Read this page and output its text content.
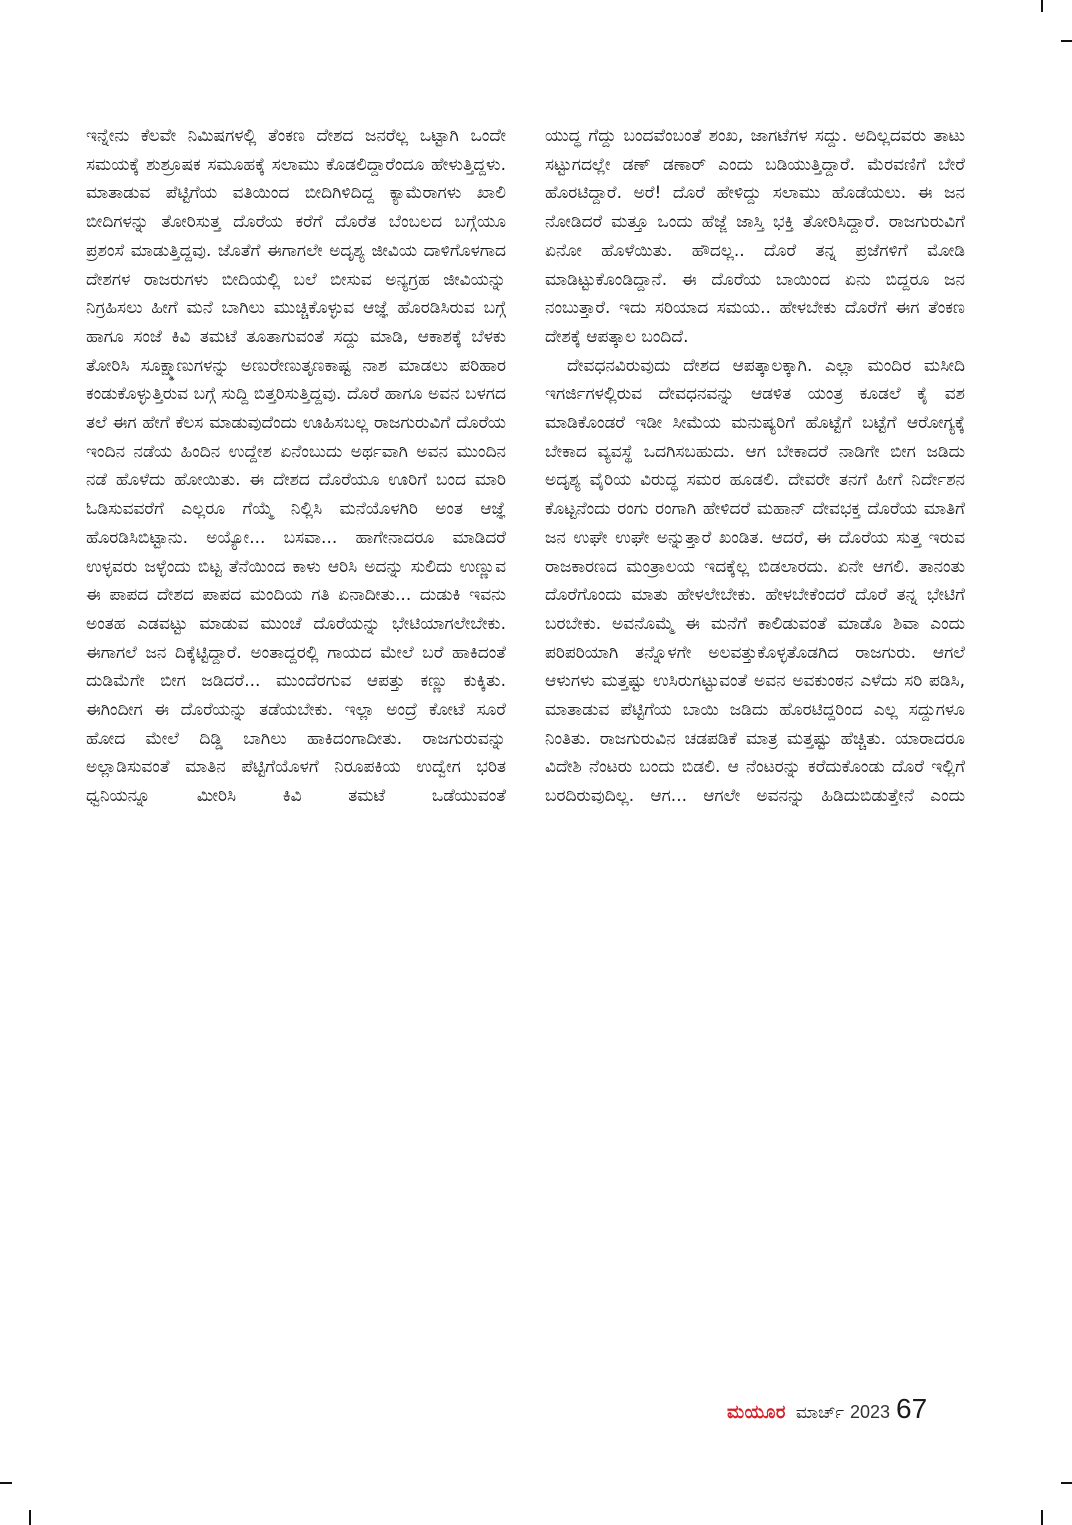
ಇನ್ನೇನು ಕೆಲವೇ ನಿಮಿಷಗಳಲ್ಲಿ ತೆಂಕಣ ದೇಶದ ಜನರೆಲ್ಲ ಒಟ್ಟಾಗಿ ಒಂದೇ ಸಮಯಕ್ಕೆ ಶುಶ್ರೂಷಕ ಸಮೂಹಕ್ಕೆ ಸಲಾಮು ಕೊಡಲಿದ್ದಾರೆಂದೂ ಹೇಳುತ್ತಿದ್ದಳು. ಮಾತಾಡುವ ಪೆಟ್ಟಿಗೆಯ ವತಿಯಿಂದ ಬೀದಿಗಿಳಿದಿದ್ದ ಕ್ಯಾಮೆರಾಗಳು ಖಾಲಿ ಬೀದಿಗಳನ್ನು ತೋರಿಸುತ್ತ ದೊರೆಯ ಕರೆಗೆ ದೊರೆತ ಬೆಂಬಲದ ಬಗ್ಗೆಯೂ ಪ್ರಶಂಸೆ ಮಾಡುತ್ತಿದ್ದವು. ಜೊತೆಗೆ ಈಗಾಗಲೇ ಅದೃಶ್ಯ ಜೀವಿಯ ದಾಳಿಗೊಳಗಾದ ದೇಶಗಳ ರಾಜರುಗಳು ಬೀದಿಯಲ್ಲಿ ಬಲೆ ಬೀಸುವ ಅನ್ಯಗ್ರಹ ಜೀವಿಯನ್ನು ನಿಗ್ರಹಿಸಲು ಹೀಗೆ ಮನೆ ಬಾಗಿಲು ಮುಚ್ಚಿಕೊಳ್ಳುವ ಆಜ್ಞೆ ಹೊರಡಿಸಿರುವ ಬಗ್ಗೆ ಹಾಗೂ ಸಂಜೆ ಕಿವಿ ತಮಟೆ ತೂತಾಗುವಂತೆ ಸದ್ದು ಮಾಡಿ, ಆಕಾಶಕ್ಕೆ ಬೆಳಕು ತೋರಿಸಿ ಸೂಕ್ಷ್ಮಾಣುಗಳನ್ನು ಅಣುರೇಣುತೃಣಕಾಷ್ಟ ನಾಶ ಮಾಡಲು ಪರಿಹಾರ ಕಂಡುಕೊಳ್ಳುತ್ತಿರುವ ಬಗ್ಗೆ ಸುದ್ದಿ ಬಿತ್ತರಿಸುತ್ತಿದ್ದವು. ದೊರೆ ಹಾಗೂ ಅವನ ಬಳಗದ ತಲೆ ಈಗ ಹೇಗೆ ಕೆಲಸ ಮಾಡುವುದೆಂದು ಊಹಿಸಬಲ್ಲ ರಾಜಗುರುವಿಗೆ ದೊರೆಯ ಇಂದಿನ ನಡೆಯ ಹಿಂದಿನ ಉದ್ದೇಶ ಏನೆಂಬುದು ಅರ್ಥವಾಗಿ ಅವನ ಮುಂದಿನ ನಡೆ ಹೊಳೆದು ಹೋಯಿತು. ಈ ದೇಶದ ದೊರೆಯೂ ಊರಿಗೆ ಬಂದ ಮಾರಿ ಓಡಿಸುವವರೆಗೆ ಎಲ್ಲರೂ ಗೆಯ್ಮೆ ನಿಲ್ಲಿಸಿ ಮನೆಯೊಳಗಿರಿ ಅಂತ ಆಜ್ಞೆ ಹೊರಡಿಸಿಬಿಟ್ಟಾನು. ಅಯ್ಯೋ... ಬಸವಾ... ಹಾಗೇನಾದರೂ ಮಾಡಿದರೆ ಉಳ್ಳವರು ಜಳ್ಳೆಂದು ಬಿಟ್ಟ ತೆನೆಯಿಂದ ಕಾಳು ಆರಿಸಿ ಅದನ್ನು ಸುಲಿದು ಉಣ್ಣುವ ಈ ಪಾಪದ ದೇಶದ ಪಾಪದ ಮಂದಿಯ ಗತಿ ಏನಾದೀತು... ದುಡುಕಿ ಇವನು ಅಂತಹ ಎಡವಟ್ಟು ಮಾಡುವ ಮುಂಚೆ ದೊರೆಯನ್ನು ಭೇಟಿಯಾಗಲೇಬೇಕು. ಈಗಾಗಲೆ ಜನ ದಿಕ್ಕೆಟ್ಟಿದ್ದಾರೆ. ಅಂತಾದ್ದರಲ್ಲಿ ಗಾಯದ ಮೇಲೆ ಬರೆ ಹಾಕಿದಂತೆ ದುಡಿಮೆಗೇ ಬೀಗ ಜಡಿದರೆ... ಮುಂದೆರಗುವ ಆಪತ್ತು ಕಣ್ಣು ಕುಕ್ಕಿತು. ಈಗಿಂದೀಗ ಈ ದೊರೆಯನ್ನು ತಡೆಯಬೇಕು. ಇಲ್ಲಾ ಅಂದ್ರೆ ಕೋಟೆ ಸೂರೆ ಹೋದ ಮೇಲೆ ದಿಡ್ಡಿ ಬಾಗಿಲು ಹಾಕಿದಂಗಾದೀತು. ರಾಜಗುರುವನ್ನು ಅಲ್ಲಾಡಿಸುವಂತೆ ಮಾತಿನ ಪೆಟ್ಟಿಗೆಯೊಳಗೆ ನಿರೂಪಕಿಯ ಉದ್ವೇಗ ಭರಿತ ಧ್ವನಿಯನ್ನೂ ಮೀರಿಸಿ ಕಿವಿ ತಮಟೆ ಒಡೆಯುವಂತೆ

ಯುದ್ಧ ಗೆದ್ದು ಬಂದವೆಂಬಂತೆ ಶಂಖ, ಜಾಗಟೆಗಳ ಸದ್ದು. ಅದಿಲ್ಲದವರು ತಾಟು ಸಟ್ಟುಗದಲ್ಲೇ ಡಣ್ ಡಣಾರ್ ಎಂದು ಬಡಿಯುತ್ತಿದ್ದಾರೆ. ಮೆರವಣಿಗೆ ಬೇರೆ ಹೊರಟಿದ್ದಾರೆ. ಅರೆ! ದೊರೆ ಹೇಳಿದ್ದು ಸಲಾಮು ಹೊಡೆಯಲು. ಈ ಜನ ನೋಡಿದರೆ ಮತ್ತೂ ಒಂದು ಹೆಜ್ಜೆ ಜಾಸ್ತಿ ಭಕ್ತಿ ತೋರಿಸಿದ್ದಾರೆ. ರಾಜಗುರುವಿಗೆ ಏನೋ ಹೊಳೆಯಿತು. ಹೌದಲ್ಲ.. ದೊರೆ ತನ್ನ ಪ್ರಜೆಗಳಿಗೆ ಮೋಡಿ ಮಾಡಿಟ್ಟುಕೊಂಡಿದ್ದಾನೆ. ಈ ದೊರೆಯ ಬಾಯಿಂದ ಏನು ಬಿದ್ದರೂ ಜನ ನಂಬುತ್ತಾರೆ. ಇದು ಸರಿಯಾದ ಸಮಯ.. ಹೇಳಬೇಕು ದೊರೆಗೆ ಈಗ ತೆಂಕಣ ದೇಶಕ್ಕೆ ಆಪತ್ಕಾಲ ಬಂದಿದೆ.

ದೇವಧನವಿರುವುದು ದೇಶದ ಆಪತ್ಕಾಲಕ್ಕಾಗಿ. ಎಲ್ಲಾ ಮಂದಿರ ಮಸೀದಿ ಇಗರ್ಜಿಗಳಲ್ಲಿರುವ ದೇವಧನವನ್ನು ಆಡಳಿತ ಯಂತ್ರ ಕೂಡಲೆ ಕೈ ವಶ ಮಾಡಿಕೊಂಡರೆ ಇಡೀ ಸೀಮೆಯ ಮನುಷ್ಯರಿಗೆ ಹೊಟ್ಟೆಗೆ ಬಟ್ಟೆಗೆ ಆರೋಗ್ಯಕ್ಕೆ ಬೇಕಾದ ವ್ಯವಸ್ಥೆ ಒದಗಿಸಬಹುದು. ಆಗ ಬೇಕಾದರೆ ನಾಡಿಗೇ ಬೀಗ ಜಡಿದು ಅದೃಶ್ಯ ವೈರಿಯ ವಿರುದ್ಧ ಸಮರ ಹೂಡಲಿ. ದೇವರೇ ತನಗೆ ಹೀಗೆ ನಿರ್ದೇಶನ ಕೊಟ್ಟನೆಂದು ರಂಗು ರಂಗಾಗಿ ಹೇಳಿದರೆ ಮಹಾನ್ ದೇವಭಕ್ತ ದೊರೆಯ ಮಾತಿಗೆ ಜನ ಉಘೇ ಉಘೇ ಅನ್ನುತ್ತಾರೆ ಖಂಡಿತ. ಆದರೆ, ಈ ದೊರೆಯ ಸುತ್ತ ಇರುವ ರಾಜಕಾರಣದ ಮಂತ್ರಾಲಯ ಇದಕ್ಕೆಲ್ಲ ಬಿಡಲಾರದು. ಏನೇ ಆಗಲಿ. ತಾನಂತು ದೊರೆಗೊಂದು ಮಾತು ಹೇಳಲೇಬೇಕು. ಹೇಳಬೇಕೆಂದರೆ ದೊರೆ ತನ್ನ ಭೇಟಿಗೆ ಬರಬೇಕು. ಅವನೊಮ್ಮೆ ಈ ಮನೆಗೆ ಕಾಲಿಡುವಂತೆ ಮಾಡೊ ಶಿವಾ ಎಂದು ಪರಿಪರಿಯಾಗಿ ತನ್ನೊಳಗೇ ಅಲವತ್ತುಕೊಳ್ಳತೊಡಗಿದ ರಾಜಗುರು. ಆಗಲೆ ಆಳುಗಳು ಮತ್ತಷ್ಟು ಉಸಿರುಗಟ್ಟುವಂತೆ ಅವನ ಅವಕುಂಠನ ಎಳೆದು ಸರಿ ಪಡಿಸಿ, ಮಾತಾಡುವ ಪೆಟ್ಟಿಗೆಯ ಬಾಯಿ ಜಡಿದು ಹೊರಟಿದ್ದರಿಂದ ಎಲ್ಲ ಸದ್ದುಗಳೂ ನಿಂತಿತು. ರಾಜಗುರುವಿನ ಚಡಪಡಿಕೆ ಮಾತ್ರ ಮತ್ತಷ್ಟು ಹೆಚ್ಚಿತು. ಯಾರಾದರೂ ವಿದೇಶಿ ನೆಂಟರು ಬಂದು ಬಿಡಲಿ. ಆ ನೆಂಟರನ್ನು ಕರೆದುಕೊಂಡು ದೊರೆ ಇಲ್ಲಿಗೆ ಬರದಿರುವುದಿಲ್ಲ. ಆಗ... ಆಗಲೇ ಅವನನ್ನು ಹಿಡಿದುಬಿಡುತ್ತೇನೆ ಎಂದು

ಮಯೂರ ಮಾರ್ಚ್ 2023 67
